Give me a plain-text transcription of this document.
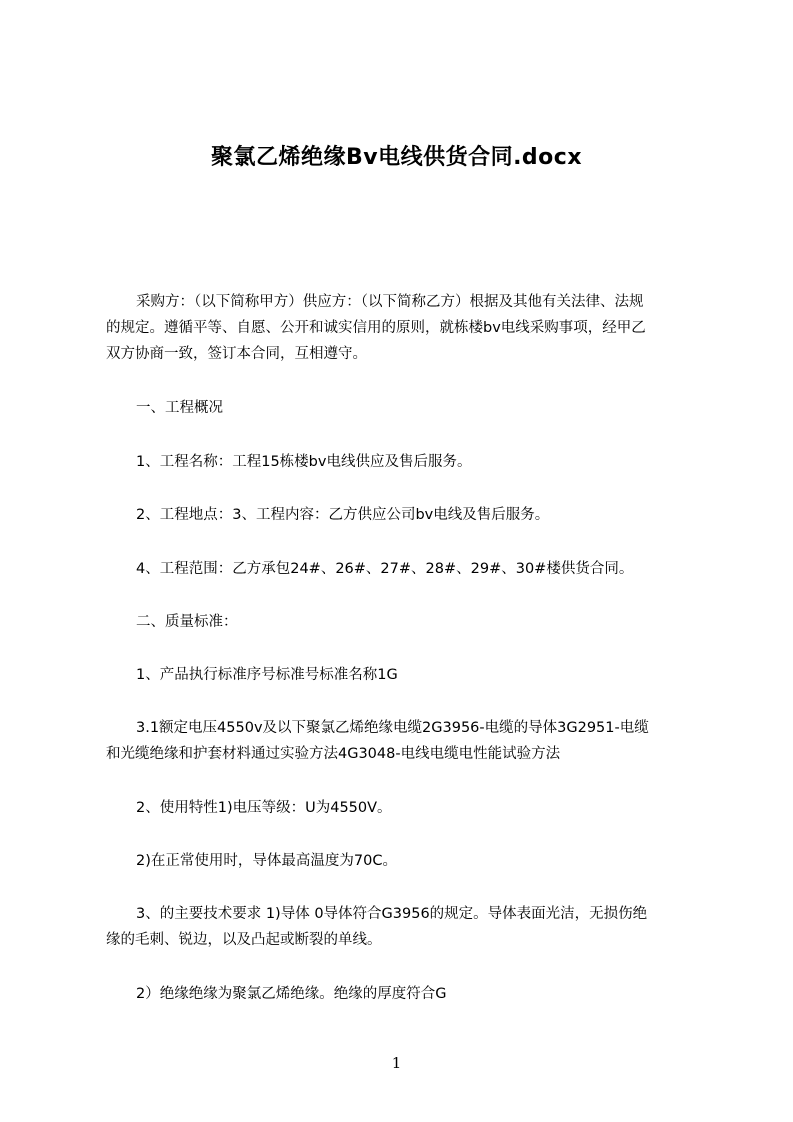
聚氯乙烯绝缘Bv电线供货合同.docx
采购方：（以下简称甲方）供应方：（以下简称乙方）根据及其他有关法律、法规
的规定。遵循平等、自愿、公开和诚实信用的原则，就栋楼bv电线采购事项，经甲乙
双方协商一致，签订本合同，互相遵守。
一、工程概况
1、工程名称：工程15栋楼bv电线供应及售后服务。
2、工程地点：3、工程内容：乙方供应公司bv电线及售后服务。
4、工程范围：乙方承包24#、26#、27#、28#、29#、30#楼供货合同。
二、质量标准：
1、产品执行标准序号标准号标准名称1G
3.1额定电压4550v及以下聚氯乙烯绝缘电缆2G3956-电缆的导体3G2951-电缆
和光缆绝缘和护套材料通过实验方法4G3048-电线电缆电性能试验方法
2、使用特性1)电压等级：U为4550V。
2)在正常使用时，导体最高温度为70C。
3、的主要技术要求 1)导体 0导体符合G3956的规定。导体表面光洁，无损伤绝
缘的毛刺、锐边，以及凸起或断裂的单线。
2）绝缘绝缘为聚氯乙烯绝缘。绝缘的厚度符合G
1
